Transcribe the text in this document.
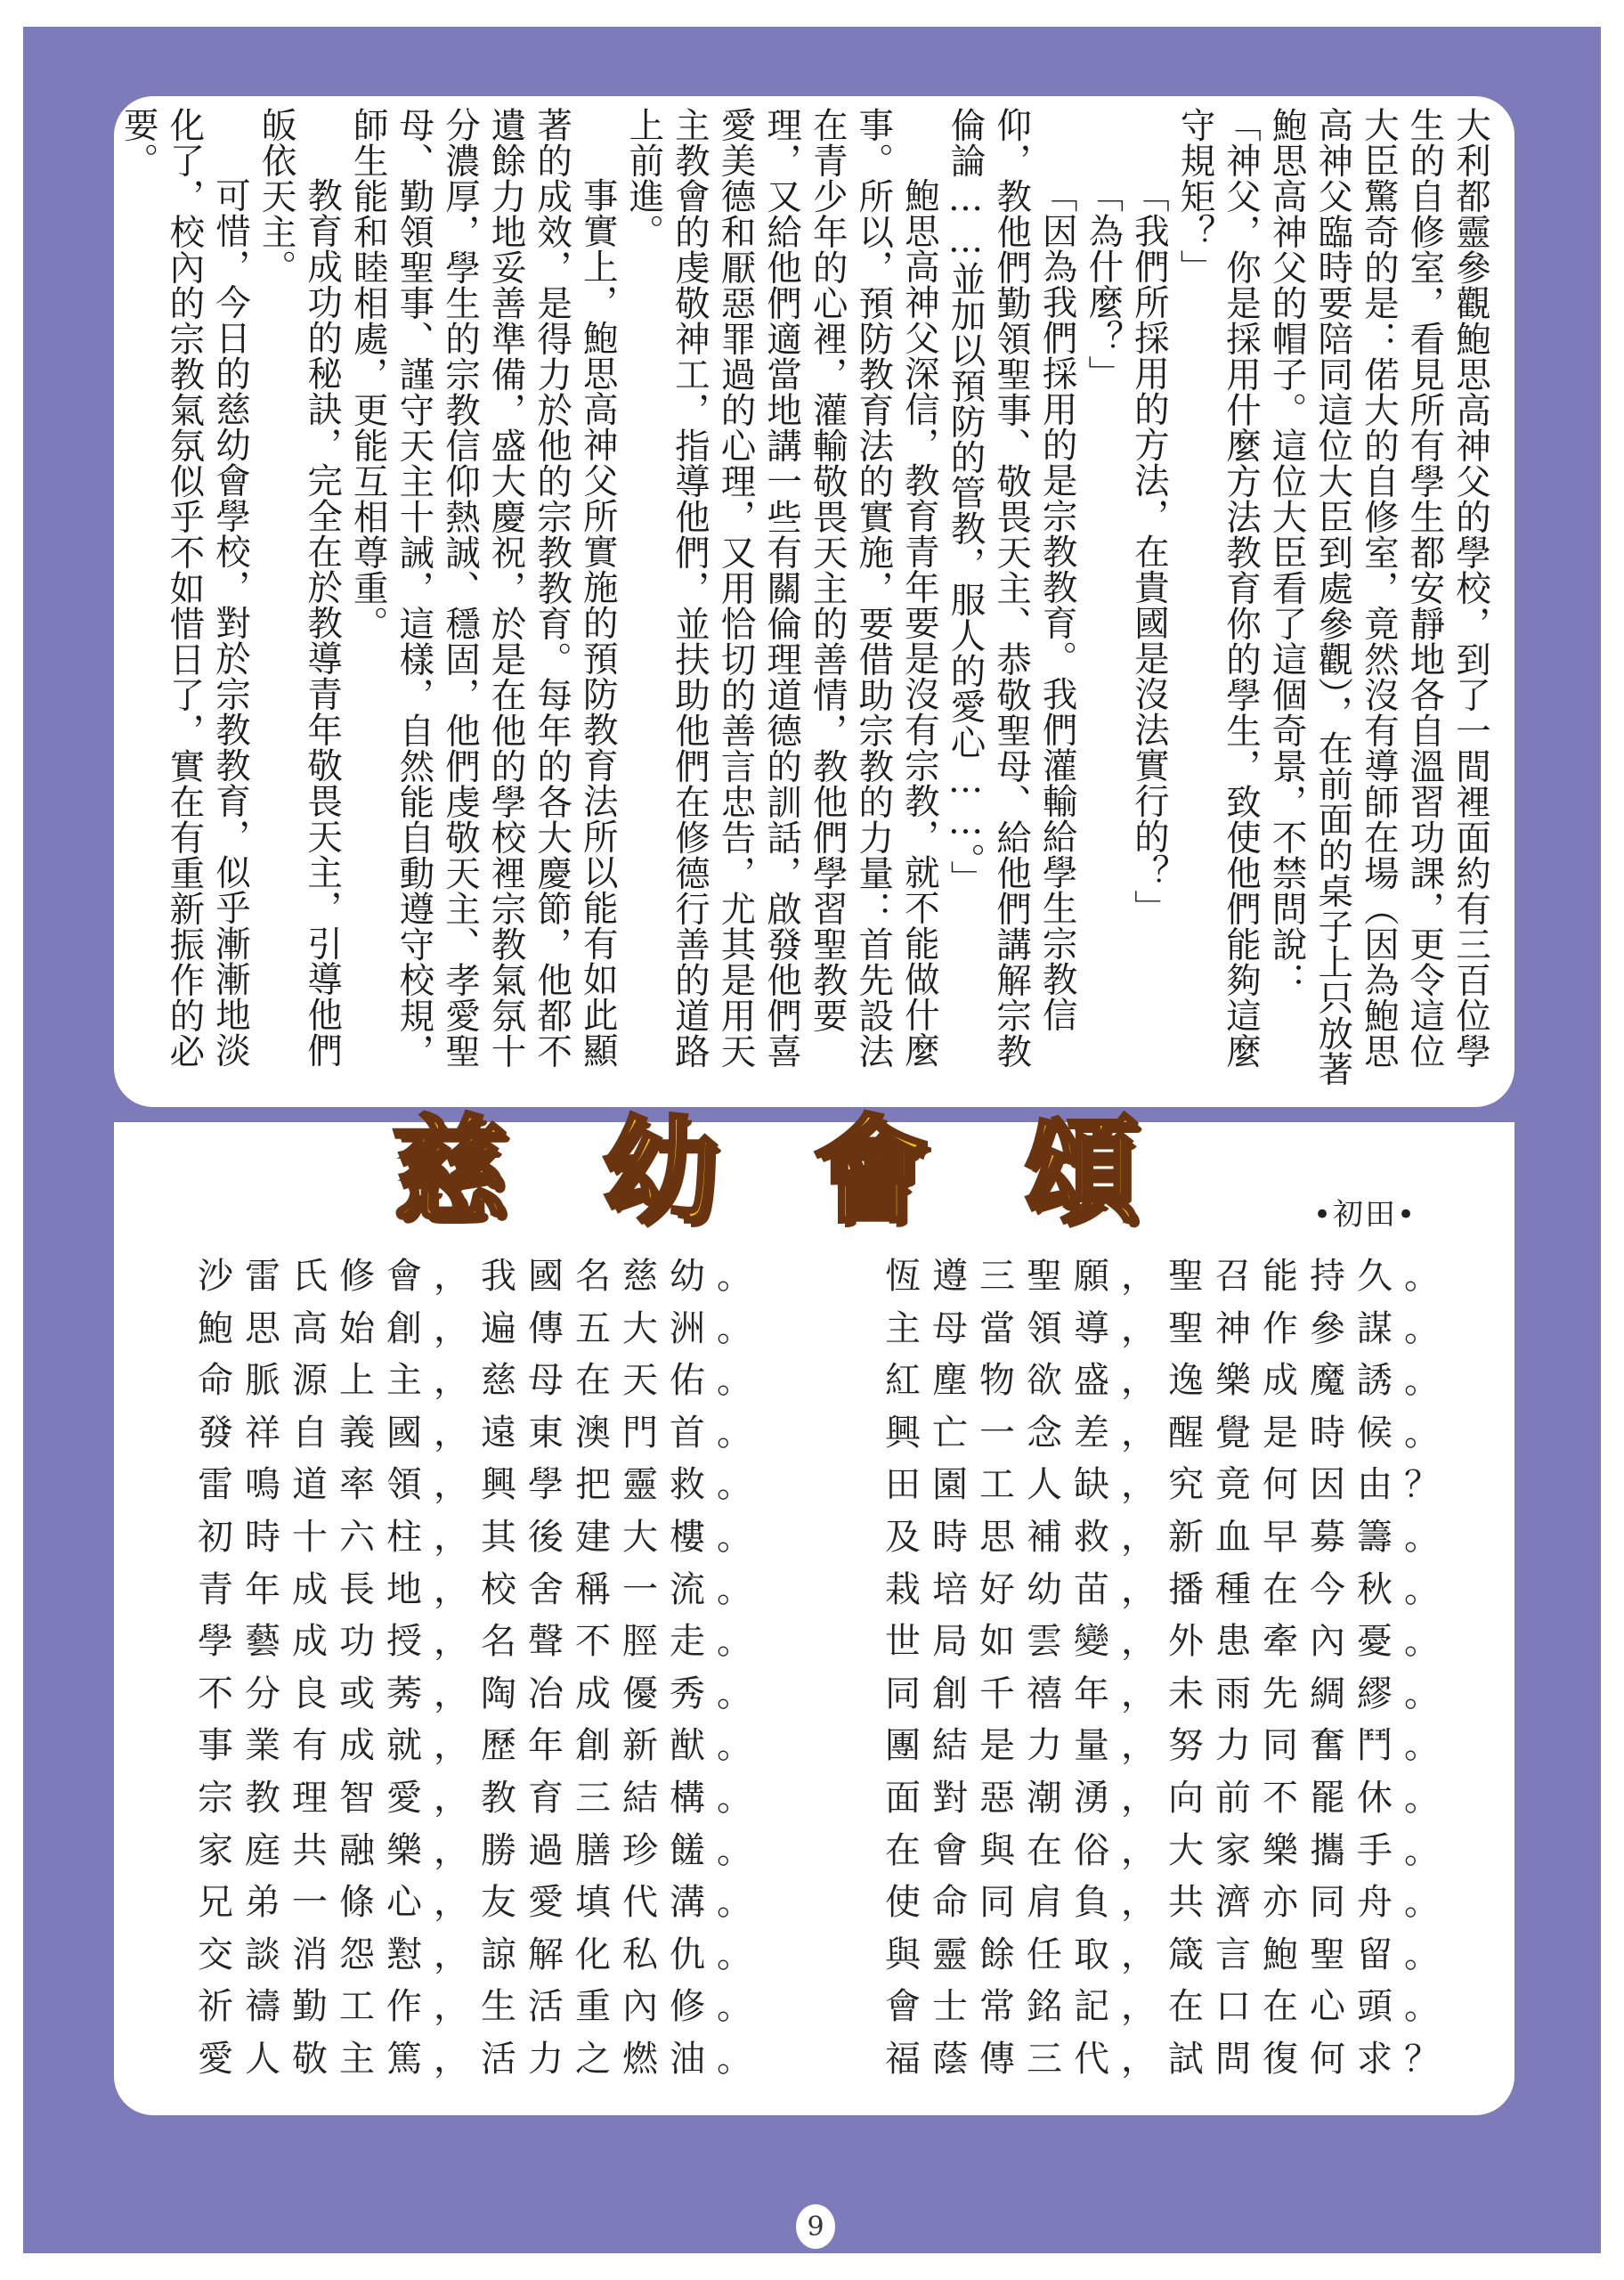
大利都靈參觀鮑思高神父的學校，到了一間裡面約有三百位學生的自修室，看見所有學生都安靜地各自溫習功課，更令這位大臣驚奇的是：偌大的自修室，竟然沒有導師在場（因為鮑思高神父臨時要陪同這位大臣到處參觀），在前面的桌子上只放著鮑思高神父的帽子。這位大臣看了這個奇景，不禁問說：

「神父，你是採用什麼方法教育你的學生，致使他們能夠這麼守規矩？」

「我們所採用的方法，在貴國是沒法實行的？」

「為什麼？」

「因為我們採用的是宗教教育。我們灌輸給學生宗教信仰，教他們勤領聖事、敬畏天主、恭敬聖母、給他們講解宗教倫論……並加以預防的管教，服人的愛心……。」

鮑思高神父深信，教育青年要是沒有宗教，就不能做什麼事。所以，預防教育法的實施，要借助宗教的力量：首先設法在青少年的心裡，灌輸敬畏天主的善情，教他們學習聖教要理，又給他們適當地講一些有關倫理道德的訓話，啟發他們喜愛美德和厭惡罪過的心理，又用恰切的善言忠告，尤其是用天主教會的虔敬神工，指導他們，並扶助他們在修德行善的道路上前進。

事實上，鮑思高神父所實施的預防教育法所以能有如此顯著的成效，是得力於他的宗教教育。每年的各大慶節，他都不遺餘力地妥善準備，盛大慶祝，於是在他的學校裡宗教氣氛十分濃厚，學生的宗教信仰熱誠、穩固，他們虔敬天主、孝愛聖母、勤領聖事、謹守天主十誡，這樣，自然能自動遵守校規，師生能和睦相處，更能互相尊重。

教育成功的秘訣，完全在於教導青年敬畏天主，引導他們皈依天主。

可惜，今日的慈幼會學校，對於宗教教育，似乎漸漸地淡化了，校內的宗教氣氛似乎不如惜日了，實在有重新振作的必要。

慈 幼 會 頌	•初田•
沙雷氏修會，我國名慈幼。
鮑思高始創，遍傳五大洲。
命脈源上主，慈母在天佑。
發祥自義國，遠東澳門首。
雷鳴道率領，興學把靈救。
初時十六柱，其後建大樓。
青年成長地，校舍稱一流。
學藝成功授，名聲不脛走。
不分良或莠，陶冶成優秀。
事業有成就，歷年創新猷。
宗教理智愛，教育三結構。
家庭共融樂，勝過膳珍饈。
兄弟一條心，友愛填代溝。
交談消怨懟，諒解化私仇。
祈禱勤工作，生活重內修。
愛人敬主篤，活力之燃油。
恆遵三聖願，聖召能持久。
主母當領導，聖神作參謀。
紅塵物欲盛，逸樂成魔誘。
興亡一念差，醒覺是時候。
田園工人缺，究竟何因由？
及時思補救，新血早募籌。
栽培好幼苗，播種在今秋。
世局如雲變，外患牽內憂。
同創千禧年，未雨先綢繆。
團結是力量，努力同奮鬥。
面對惡潮湧，向前不罷休。
在會與在俗，大家樂攜手。
使命同肩負，共濟亦同舟。
與靈餘任取，箴言鮑聖留。
會士常銘記，在口在心頭。
福蔭傳三代，試問復何求？
9
